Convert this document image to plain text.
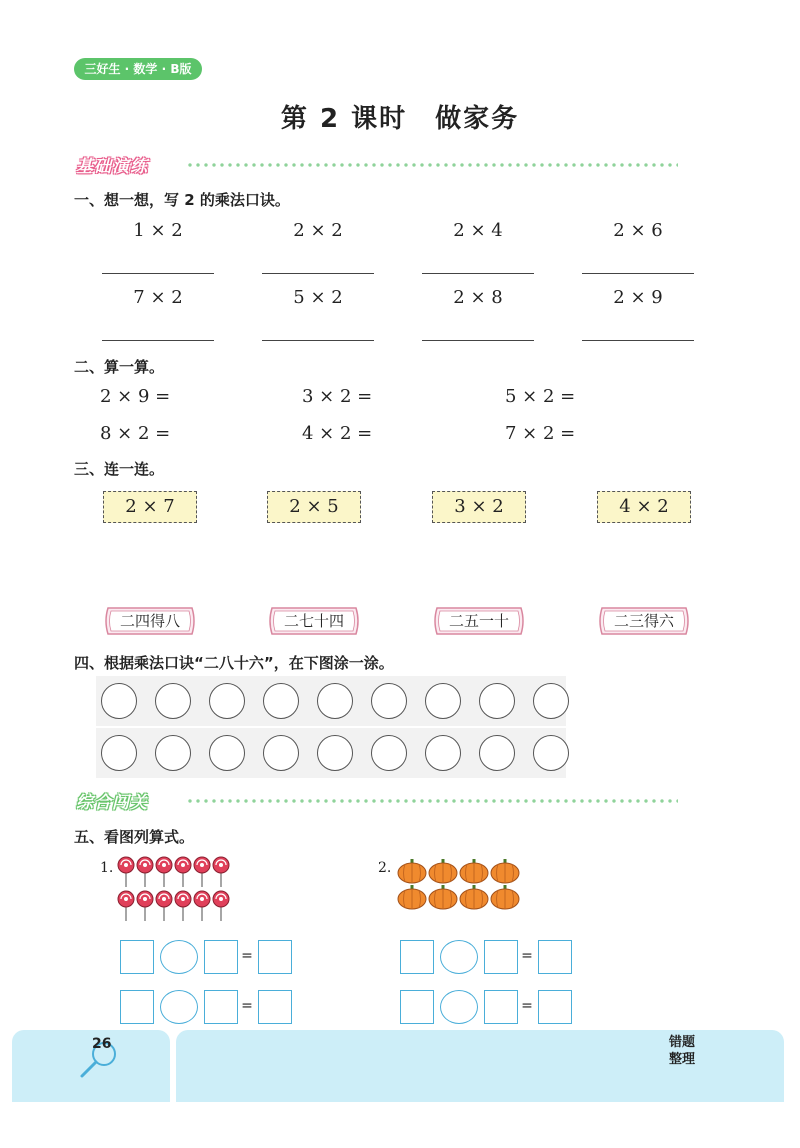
三好生 · 数学 · B版
第 2 课时　做家务
基础演练
一、想一想，写 2 的乘法口诀。
1 × 2	2 × 2	2 × 4	2 × 6
7 × 2	5 × 2	2 × 8	2 × 9
二、算一算。
2 × 9 =	3 × 2 =	5 × 2 =
8 × 2 =	4 × 2 =	7 × 2 =
三、连一连。
2 × 7	2 × 5	3 × 2	4 × 2
二四得八	二七十四	二五一十	二三得六
四、根据乘法口诀“二八十六”，在下图涂一涂。
综合闯关
五、看图列算式。
1.	2.
=
=
=
=
26	错题
整理
